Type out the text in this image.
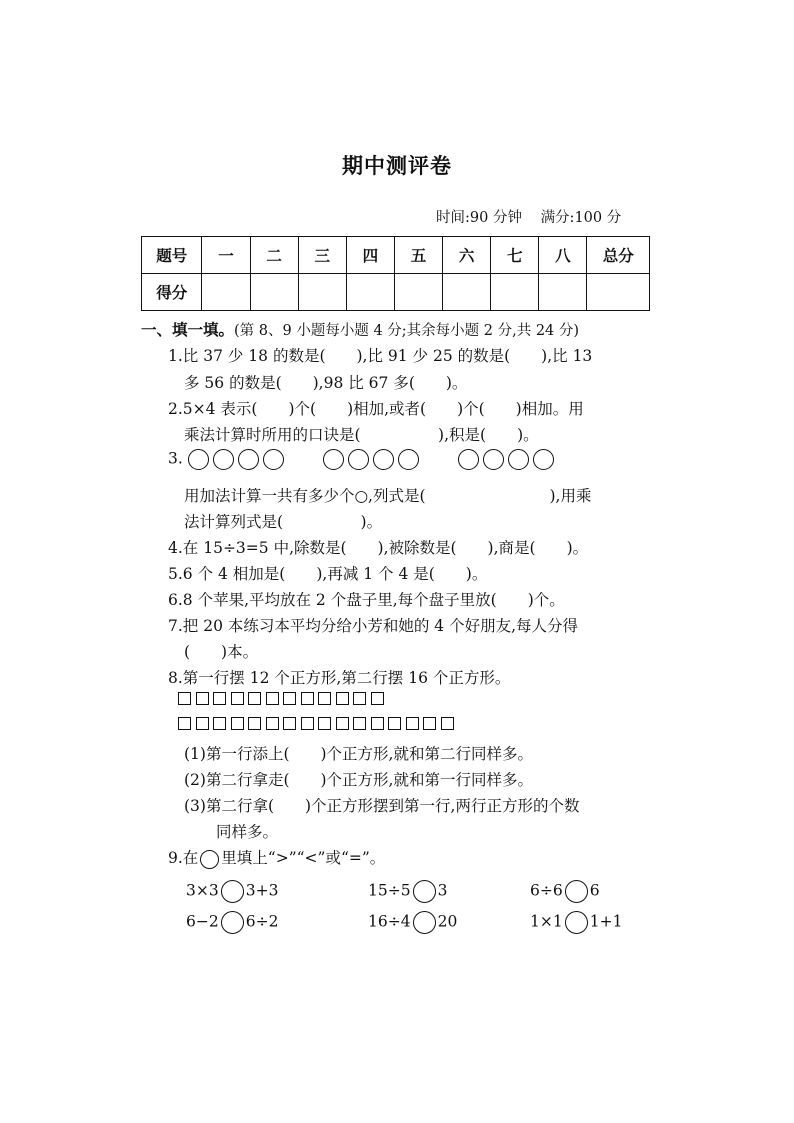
期中测评卷
时间:90 分钟 满分:100 分
题号	一	二	三	四	五	六	七	八	总分
得分									
一、填一填。(第 8、9 小题每小题 4 分;其余每小题 2 分,共 24 分)
1.比 37 少 18 的数是(　　),比 91 少 25 的数是(　　),比 13
多 56 的数是(　　),98 比 67 多(　　)。
2.5×4 表示(　　)个(　　)相加,或者(　　)个(　　)相加。用
乘法计算时所用的口诀是(　　　　　),积是(　　)。
3.
用加法计算一共有多少个○,列式是(　　　　　　　　),用乘
法计算列式是(　　　　　)。
4.在 15÷3=5 中,除数是(　　),被除数是(　　),商是(　　)。
5.6 个 4 相加是(　　),再减 1 个 4 是(　　)。
6.8 个苹果,平均放在 2 个盘子里,每个盘子里放(　　)个。
7.把 20 本练习本平均分给小芳和她的 4 个好朋友,每人分得
(　　)本。
8.第一行摆 12 个正方形,第二行摆 16 个正方形。
(1)第一行添上(　　)个正方形,就和第二行同样多。
(2)第二行拿走(　　)个正方形,就和第一行同样多。
(3)第二行拿(　　)个正方形摆到第一行,两行正方形的个数
同样多。
9.在 里填上“>”“<”或“=”。
3×3 3+3	15÷5 3	6÷6 6
6−2 6÷2	16÷4 20	1×1 1+1
